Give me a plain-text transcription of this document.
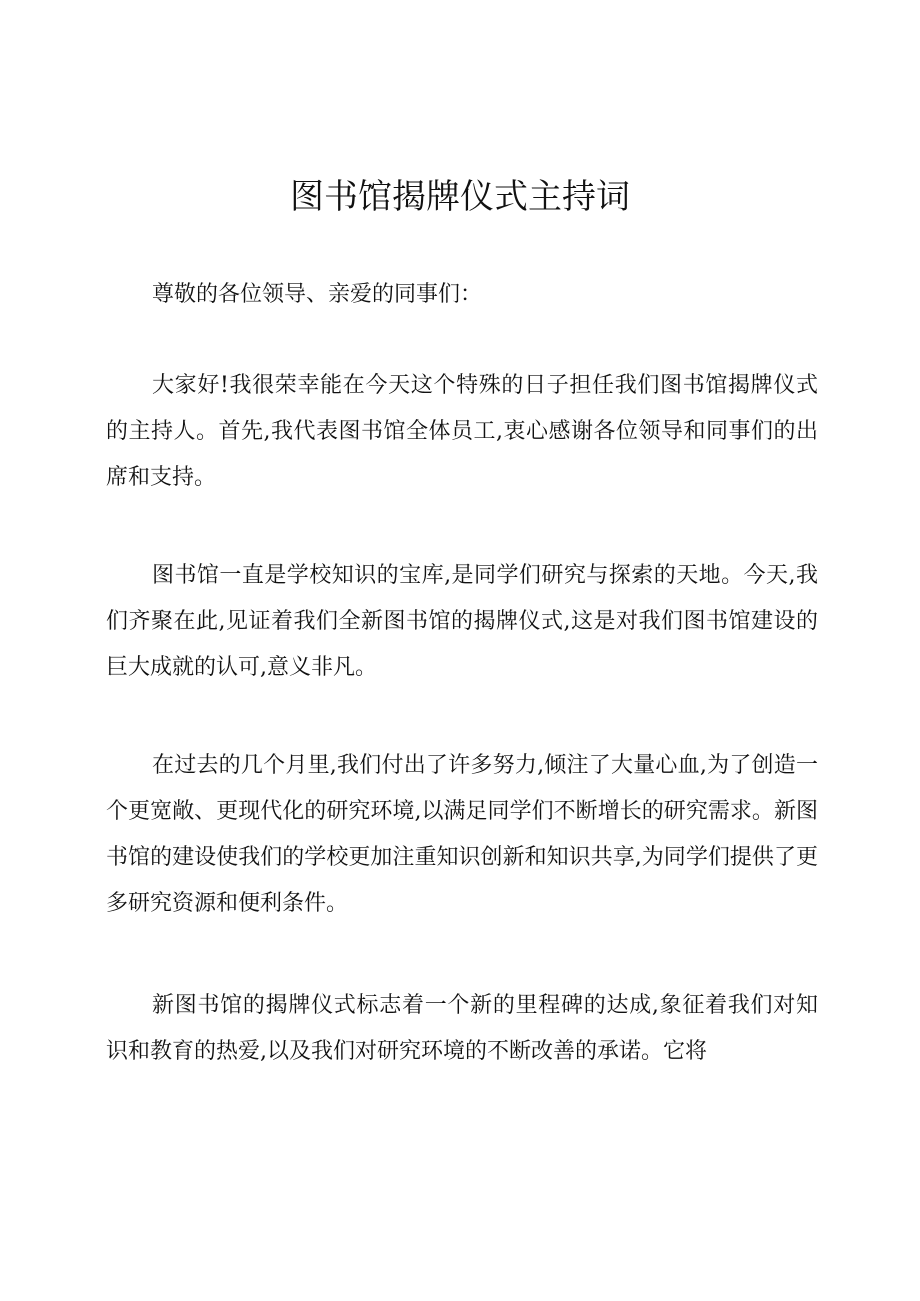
图书馆揭牌仪式主持词

尊敬的各位领导、亲爱的同事们：

大家好!我很荣幸能在今天这个特殊的日子担任我们图书馆揭牌仪式的主持人。首先,我代表图书馆全体员工,衷心感谢各位领导和同事们的出席和支持。

图书馆一直是学校知识的宝库,是同学们研究与探索的天地。今天,我们齐聚在此,见证着我们全新图书馆的揭牌仪式,这是对我们图书馆建设的巨大成就的认可,意义非凡。

在过去的几个月里,我们付出了许多努力,倾注了大量心血,为了创造一个更宽敞、更现代化的研究环境,以满足同学们不断增长的研究需求。新图书馆的建设使我们的学校更加注重知识创新和知识共享,为同学们提供了更多研究资源和便利条件。

新图书馆的揭牌仪式标志着一个新的里程碑的达成,象征着我们对知识和教育的热爱,以及我们对研究环境的不断改善的承诺。它将
